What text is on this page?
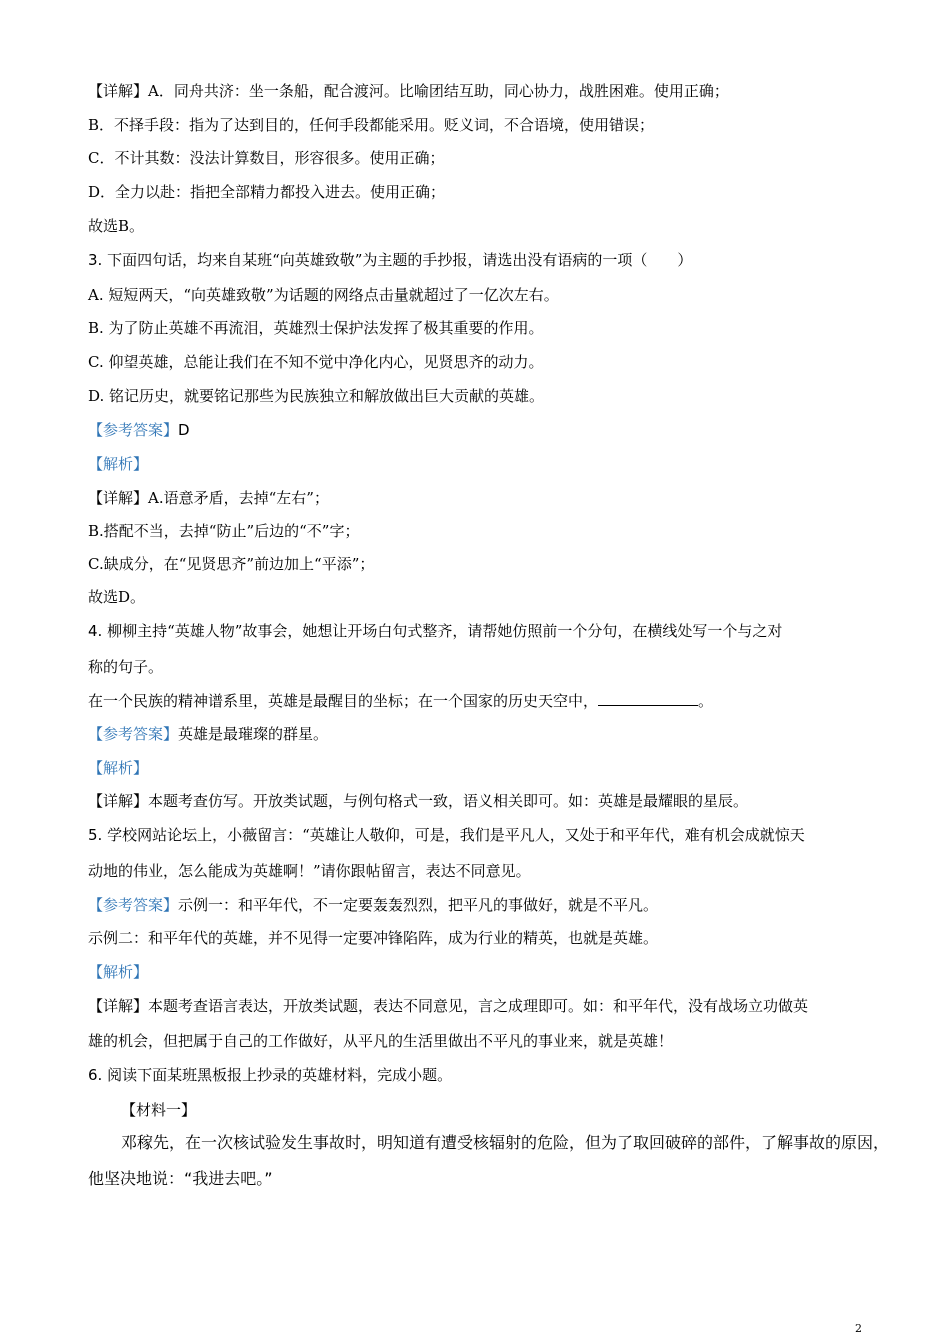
【详解】A．同舟共济：坐一条船，配合渡河。比喻团结互助，同心协力，战胜困难。使用正确；
B．不择手段：指为了达到目的，任何手段都能采用。贬义词，不合语境，使用错误；
C．不计其数：没法计算数目，形容很多。使用正确；
D．全力以赴：指把全部精力都投入进去。使用正确；
故选B。
3. 下面四句话，均来自某班“向英雄致敬”为主题的手抄报，请选出没有语病的一项（　　）
A. 短短两天，“向英雄致敬”为话题的网络点击量就超过了一亿次左右。
B. 为了防止英雄不再流泪，英雄烈士保护法发挥了极其重要的作用。
C. 仰望英雄，总能让我们在不知不觉中净化内心，见贤思齐的动力。
D. 铭记历史，就要铭记那些为民族独立和解放做出巨大贡献的英雄。
【参考答案】D
【解析】
【详解】A.语意矛盾，去掉“左右”；
B.搭配不当，去掉“防止”后边的“不”字；
C.缺成分，在“见贤思齐”前边加上“平添”；
故选D。
4. 柳柳主持“英雄人物”故事会，她想让开场白句式整齐，请帮她仿照前一个分句，在横线处写一个与之对
称的句子。
在一个民族的精神谱系里，英雄是最醒目的坐标；在一个国家的历史天空中，	。
【参考答案】英雄是最璀璨的群星。
【解析】
【详解】本题考查仿写。开放类试题，与例句格式一致，语义相关即可。如：英雄是最耀眼的星辰。
5. 学校网站论坛上，小薇留言：“英雄让人敬仰，可是，我们是平凡人，又处于和平年代，难有机会成就惊天
动地的伟业，怎么能成为英雄啊！”请你跟帖留言，表达不同意见。
【参考答案】示例一：和平年代，不一定要轰轰烈烈，把平凡的事做好，就是不平凡。
示例二：和平年代的英雄，并不见得一定要冲锋陷阵，成为行业的精英，也就是英雄。
【解析】
【详解】本题考查语言表达，开放类试题，表达不同意见，言之成理即可。如：和平年代，没有战场立功做英
雄的机会，但把属于自己的工作做好，从平凡的生活里做出不平凡的事业来，就是英雄！
6. 阅读下面某班黑板报上抄录的英雄材料，完成小题。
【材料一】
邓稼先，在一次核试验发生事故时，明知道有遭受核辐射的危险，但为了取回破碎的部件，了解事故的原因，
他坚决地说：“我进去吧。”
2
